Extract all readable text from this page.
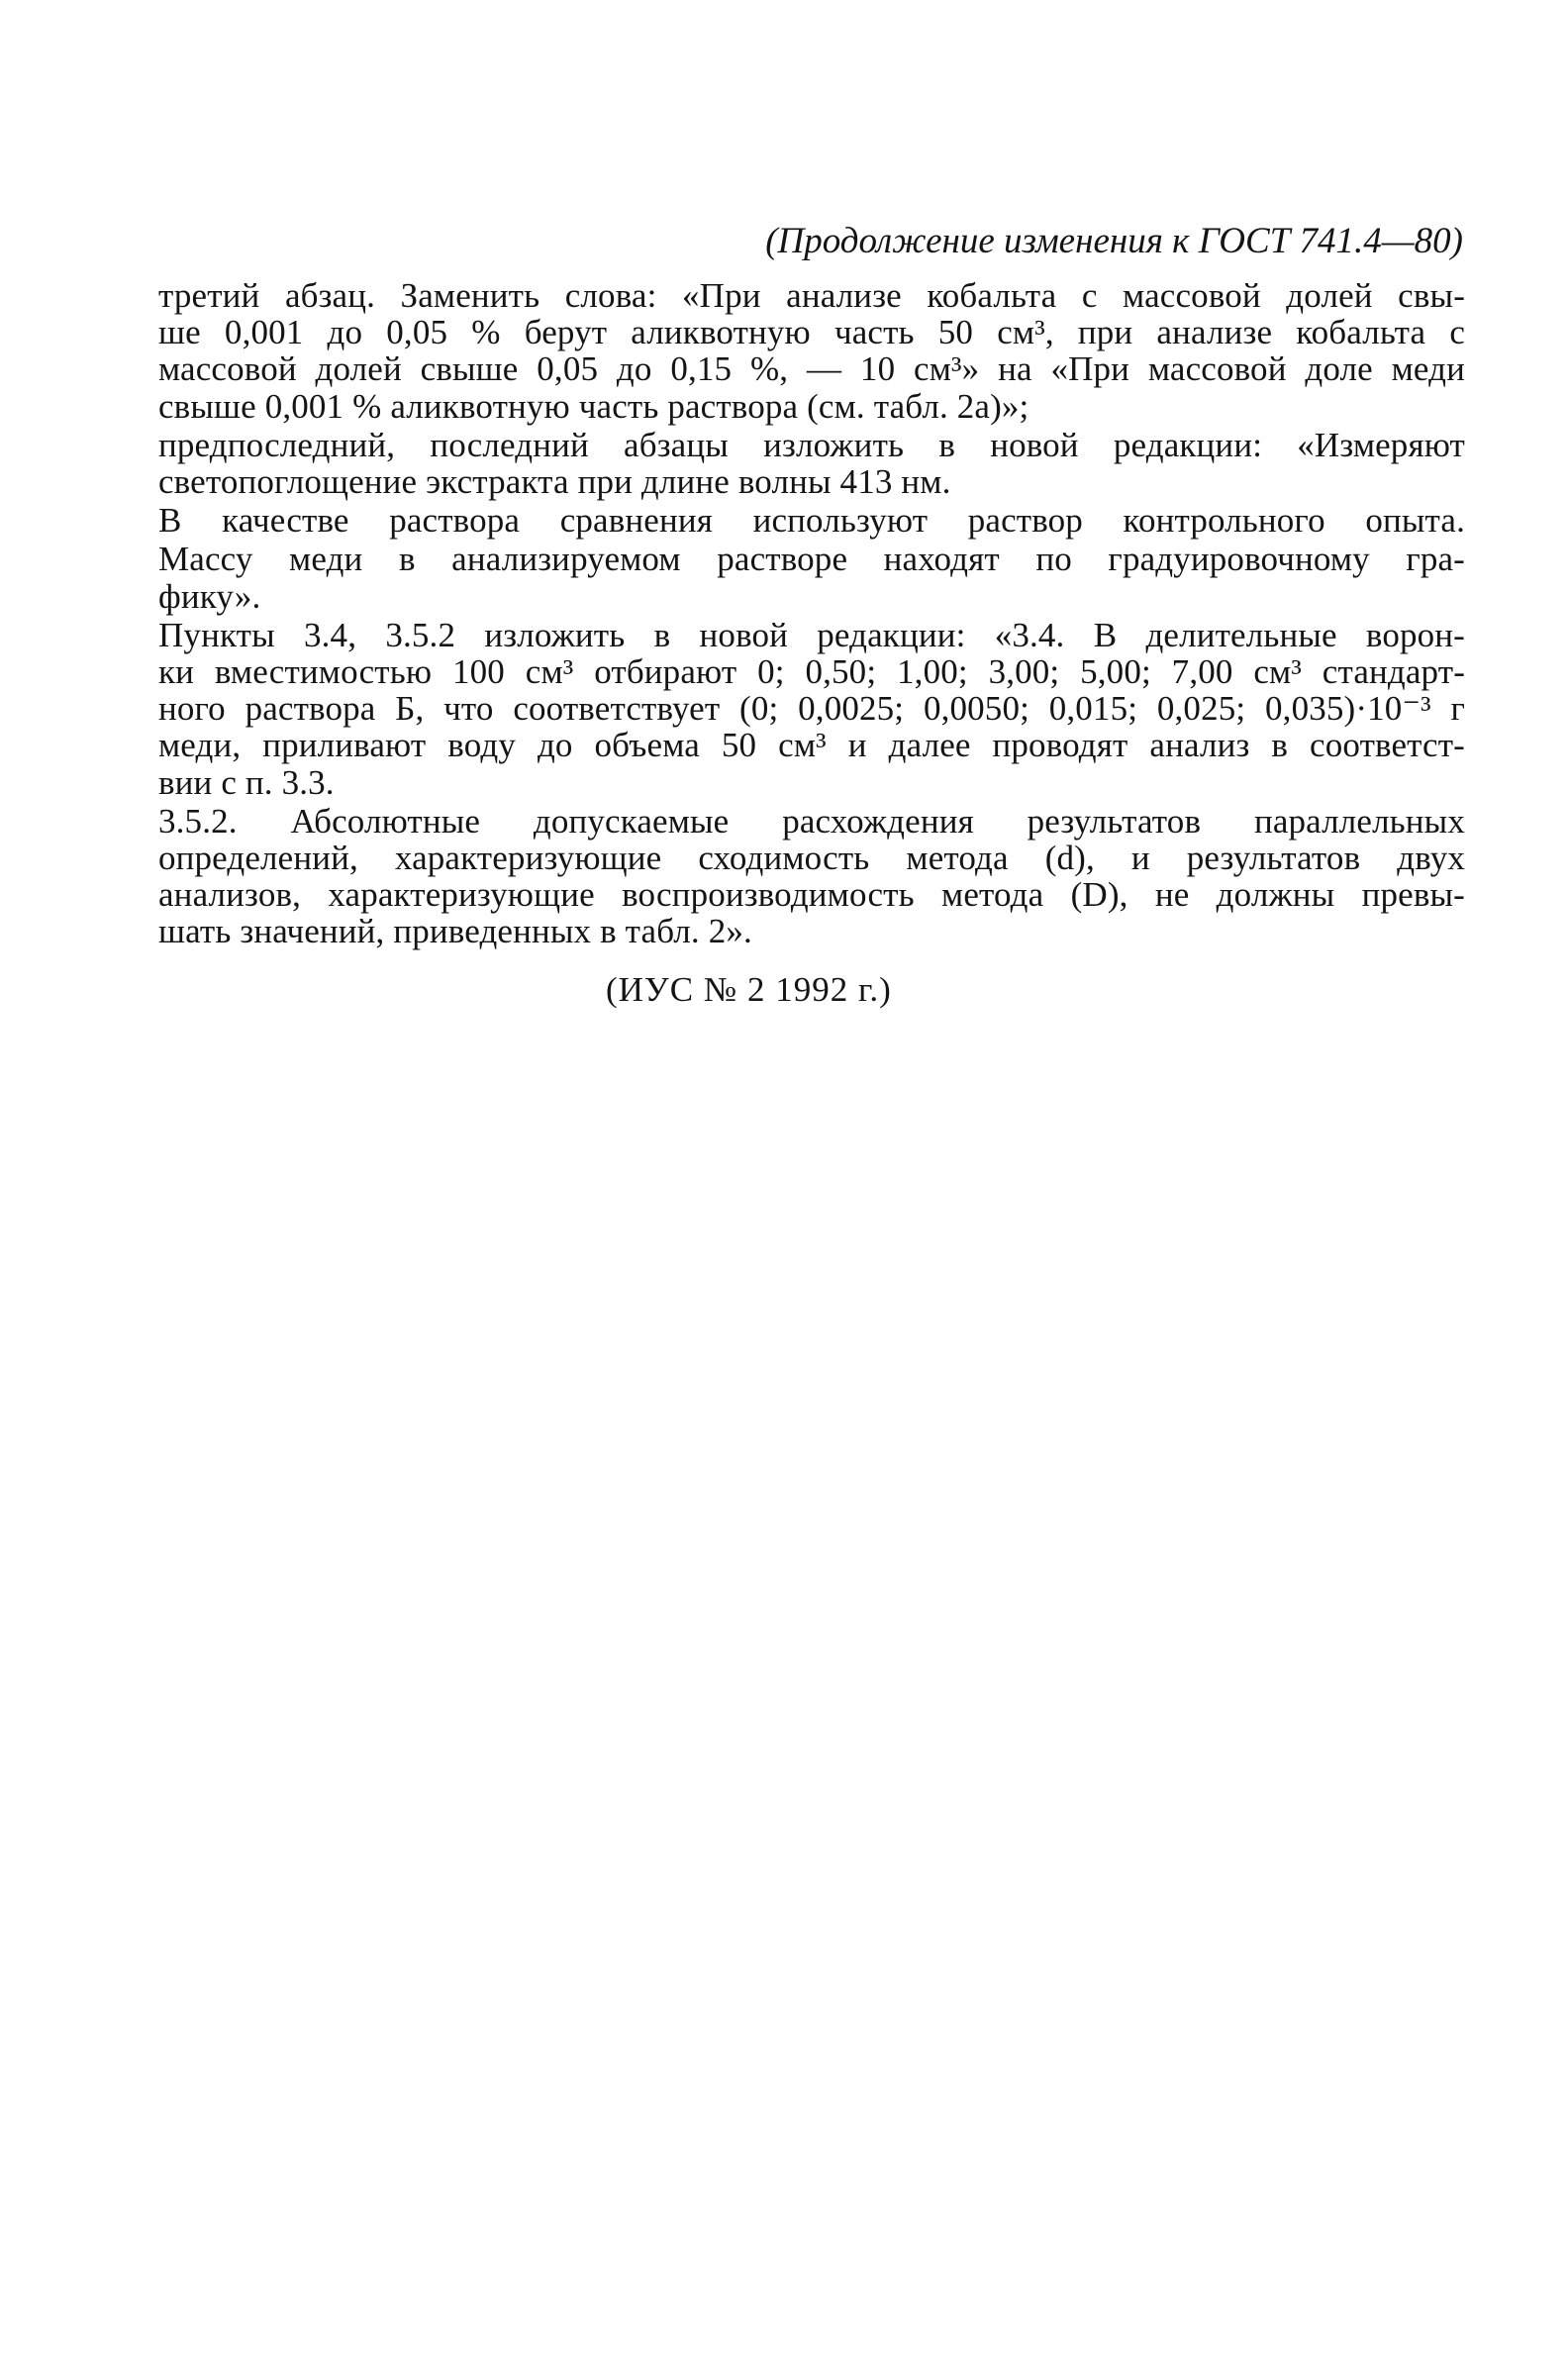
(Продолжение изменения к ГОСТ 741.4—80)
третий абзац. Заменить слова: «При анализе кобальта с массовой долей свы-
ше 0,001 до 0,05 % берут аликвотную часть 50 см³, при анализе кобальта с
массовой долей свыше 0,05 до 0,15 %, — 10 см³» на «При массовой доле меди
свыше 0,001 % аликвотную часть раствора (см. табл. 2а)»;
предпоследний, последний абзацы изложить в новой редакции: «Измеряют
светопоглощение экстракта при длине волны 413 нм.
В качестве раствора сравнения используют раствор контрольного опыта.
Массу меди в анализируемом растворе находят по градуировочному гра-
фику».
Пункты 3.4, 3.5.2 изложить в новой редакции: «3.4. В делительные ворон-
ки вместимостью 100 см³ отбирают 0; 0,50; 1,00; 3,00; 5,00; 7,00 см³ стандарт-
ного раствора Б, что соответствует (0; 0,0025; 0,0050; 0,015; 0,025; 0,035)·10⁻³ г
меди, приливают воду до объема 50 см³ и далее проводят анализ в соответст-
вии с п. 3.3.
3.5.2. Абсолютные допускаемые расхождения результатов параллельных
определений, характеризующие сходимость метода (d), и результатов двух
анализов, характеризующие воспроизводимость метода (D), не должны превы-
шать значений, приведенных в табл. 2».
(ИУС № 2 1992 г.)
